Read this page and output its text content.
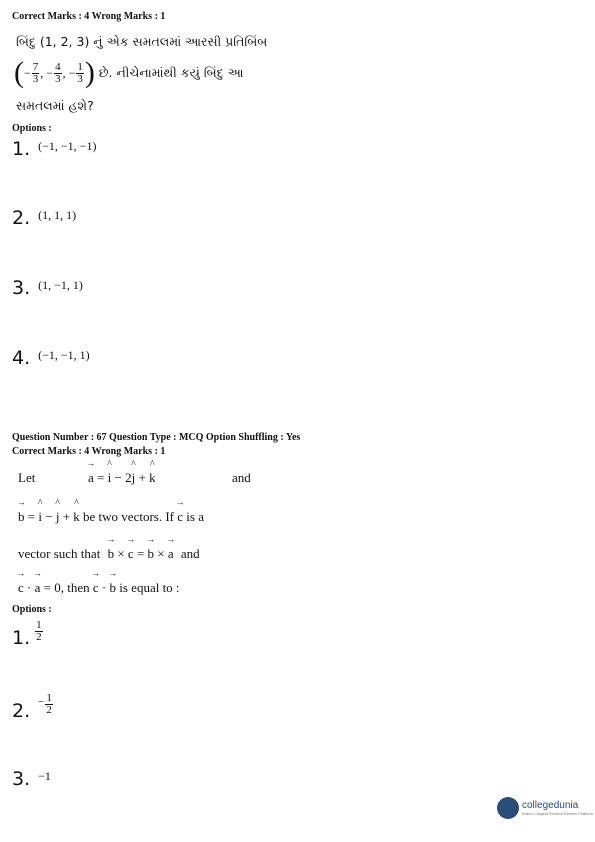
Correct Marks : 4 Wrong Marks : 1
બિંદુ (1, 2, 3) નું એક સમતલમાં આરસી પ્રતિબિંબ
( − $\frac{7}{3}$ , − $\frac{4}{3}$ , − $\frac{1}{3}$ ) છે. નીચેનામાંથી કયું બિંદુ આ
સમતલમાં હશે?
Options :
1. $^{(-1, -1, -1)}$
2. $^{(1, 1, 1)}$
3. $^{(1, -1, 1)}$
4. $^{(-1, -1, 1)}$
Question Number : 67 Question Type : MCQ Option Shuffling : Yes
Correct Marks : 4 Wrong Marks : 1
Let	a
→
= i
^
− 2j
^
+ k
^
and
b
→
= i
^
− j
^
+ k
^
be two vectors. If c
→
is a
vector such that b
→
× c
→
= b
→
× a
→
and
c
→
· a
→
= 0, then c
→
· b
→
is equal to :
Options :
1. $\frac{1}{2}$
2. − $\frac{1}{2}$
3. $^{-1}$
collegedunia
India's Largest Student Review Platform
